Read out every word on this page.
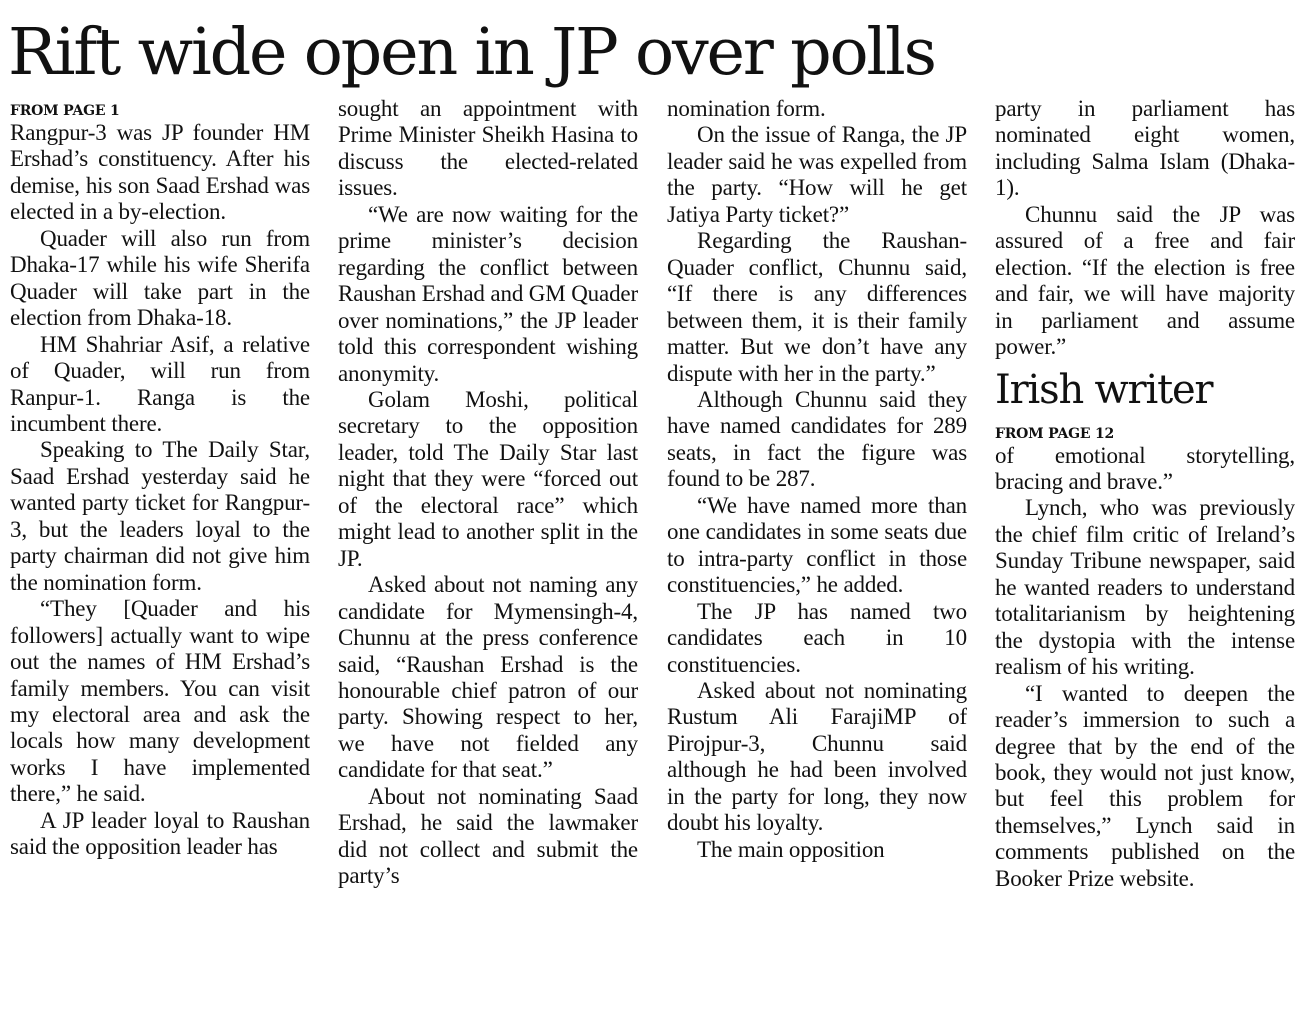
Rift wide open in JP over polls

FROM PAGE 1

Rangpur-3 was JP founder HM Ershad’s constituency. After his demise, his son Saad Ershad was elected in a by-election.

Quader will also run from Dhaka-17 while his wife Sherifa Quader will take part in the election from Dhaka-18.

HM Shahriar Asif, a relative of Quader, will run from Ranpur-1. Ranga is the incumbent there.

Speaking to The Daily Star, Saad Ershad yesterday said he wanted party ticket for Rangpur-3, but the leaders loyal to the party chairman did not give him the nomination form.

“They [Quader and his followers] actually want to wipe out the names of HM Ershad’s family members. You can visit my electoral area and ask the locals how many development works I have implemented there,” he said.

A JP leader loyal to Raushan said the opposition leader has

sought an appointment with Prime Minister Sheikh Hasina to discuss the elected-related issues.

“We are now waiting for the prime minister’s decision regarding the conflict between Raushan Ershad and GM Quader over nominations,” the JP leader told this correspondent wishing anonymity.

Golam Moshi, political secretary to the opposition leader, told The Daily Star last night that they were “forced out of the electoral race” which might lead to another split in the JP.

Asked about not naming any candidate for Mymensingh-4, Chunnu at the press conference said, “Raushan Ershad is the honourable chief patron of our party. Showing respect to her, we have not fielded any candidate for that seat.”

About not nominating Saad Ershad, he said the lawmaker did not collect and submit the party’s

nomination form.

On the issue of Ranga, the JP leader said he was expelled from the party. “How will he get Jatiya Party ticket?”

Regarding the Raushan-Quader conflict, Chunnu said, “If there is any differences between them, it is their family matter. But we don’t have any dispute with her in the party.”

Although Chunnu said they have named candidates for 289 seats, in fact the figure was found to be 287.

“We have named more than one candidates in some seats due to intra-party conflict in those constituencies,” he added.

The JP has named two candidates each in 10 constituencies.

Asked about not nominating Rustum Ali FarajiMP of Pirojpur-3, Chunnu said although he had been involved in the party for long, they now doubt his loyalty.

The main opposition

party in parliament has nominated eight women, including Salma Islam (Dhaka-1).

Chunnu said the JP was assured of a free and fair election. “If the election is free and fair, we will have majority in parliament and assume power.”

Irish writer

FROM PAGE 12

of emotional storytelling, bracing and brave.”

Lynch, who was previously the chief film critic of Ireland’s Sunday Tribune newspaper, said he wanted readers to understand totalitarianism by heightening the dystopia with the intense realism of his writing.

“I wanted to deepen the reader’s immersion to such a degree that by the end of the book, they would not just know, but feel this problem for themselves,” Lynch said in comments published on the Booker Prize website.
